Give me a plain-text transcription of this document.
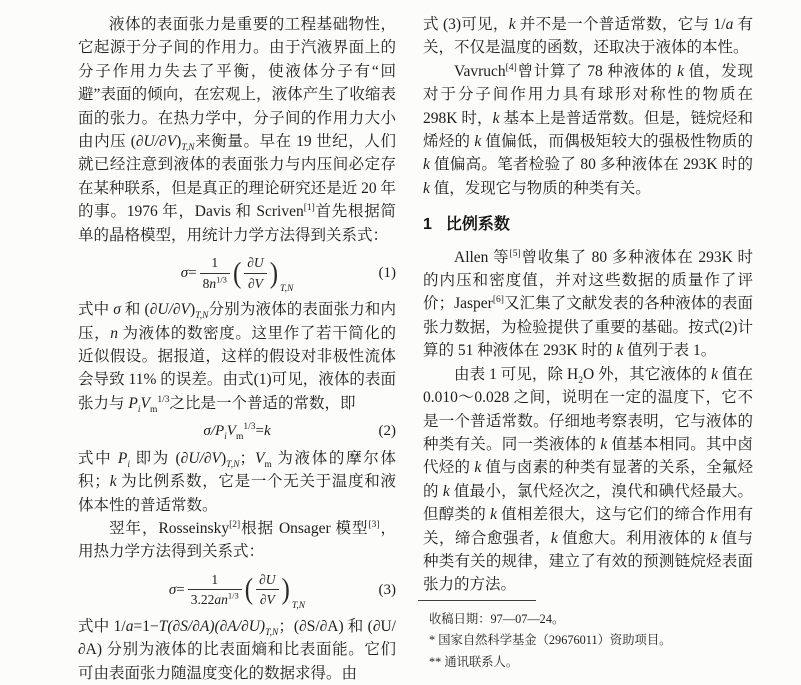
液体的表面张力是重要的工程基础物性，它起源于分子间的作用力。由于汽液界面上的分子作用力失去了平衡，使液体分子有“回避”表面的倾向，在宏观上，液体产生了收缩表面的张力。在热力学中，分子间的作用力大小由内压 $(\partial U/\partial V)_{T,N}$来衡量。早在 19 世纪，人们就已经注意到液体的表面张力与内压间必定存在某种联系，但是真正的理论研究还是近 20 年的事。1976 年，Davis 和 Scriven[1]首先根据简单的晶格模型，用统计力学方法得到关系式：

$\sigma= \frac{1}{8n^{1/3}}$ ( $\frac{\partial U}{\partial V}$ ) T,N
(1)

式中 σ 和 $(\partial U/\partial V)_{T,N}$分别为液体的表面张力和内压，n 为液体的数密度。这里作了若干简化的近似假设。据报道，这样的假设对非极性流体会导致 11% 的误差。由式(1)可见，液体的表面张力与 $P_iV_m^{1/3}$之比是一个普适的常数，即

$\sigma/P_iV_m^{1/3}=k$	(2)

式中 $P_i$ 即为 $(\partial U/\partial V)_{T,N}$；$V_m$ 为液体的摩尔体积；k 为比例系数，它是一个无关于温度和液体本性的普适常数。

翌年，Rosseinsky[2]根据 Onsager 模型[3]，用热力学方法得到关系式：

$\sigma= \frac{1}{3.22an^{1/3}}$ ( $\frac{\partial U}{\partial V}$ ) T,N
(3)

式中 $1/a=1-T(\partial S/\partial A)(\partial A/\partial U)_{T,N}$；(∂S/∂A) 和 (∂U/∂A) 分别为液体的比表面熵和比表面能。它们可由表面张力随温度变化的数据求得。由

式 (3)可见，k 并不是一个普适常数，它与 1/a 有关，不仅是温度的函数，还取决于液体的本性。

Vavruch[4]曾计算了 78 种液体的 k 值，发现对于分子间作用力具有球形对称性的物质在 298K 时，k 基本上是普适常数。但是，链烷烃和烯烃的 k 值偏低，而偶极矩较大的强极性物质的 k 值偏高。笔者检验了 80 多种液体在 293K 时的 k 值，发现它与物质的种类有关。

1 比例系数

Allen 等[5]曾收集了 80 多种液体在 293K 时的内压和密度值，并对这些数据的质量作了评价；Jasper[6]又汇集了文献发表的各种液体的表面张力数据，为检验提供了重要的基础。按式(2)计算的 51 种液体在 293K 时的 k 值列于表 1。

由表 1 可见，除 $H_2O$ 外，其它液体的 k 值在 0.010～0.028 之间，说明在一定的温度下，它不是一个普适常数。仔细地考察表明，它与液体的种类有关。同一类液体的 k 值基本相同。其中卤代烃的 k 值与卤素的种类有显著的关系，全氟烃的 k 值最小，氯代烃次之，溴代和碘代烃最大。但醇类的 k 值相差很大，这与它们的缔合作用有关，缔合愈强者，k 值愈大。利用液体的 k 值与种类有关的规律，建立了有效的预测链烷烃表面张力的方法。

收稿日期：97—07—24。
* 国家自然科学基金（29676011）资助项目。
** 通讯联系人。
